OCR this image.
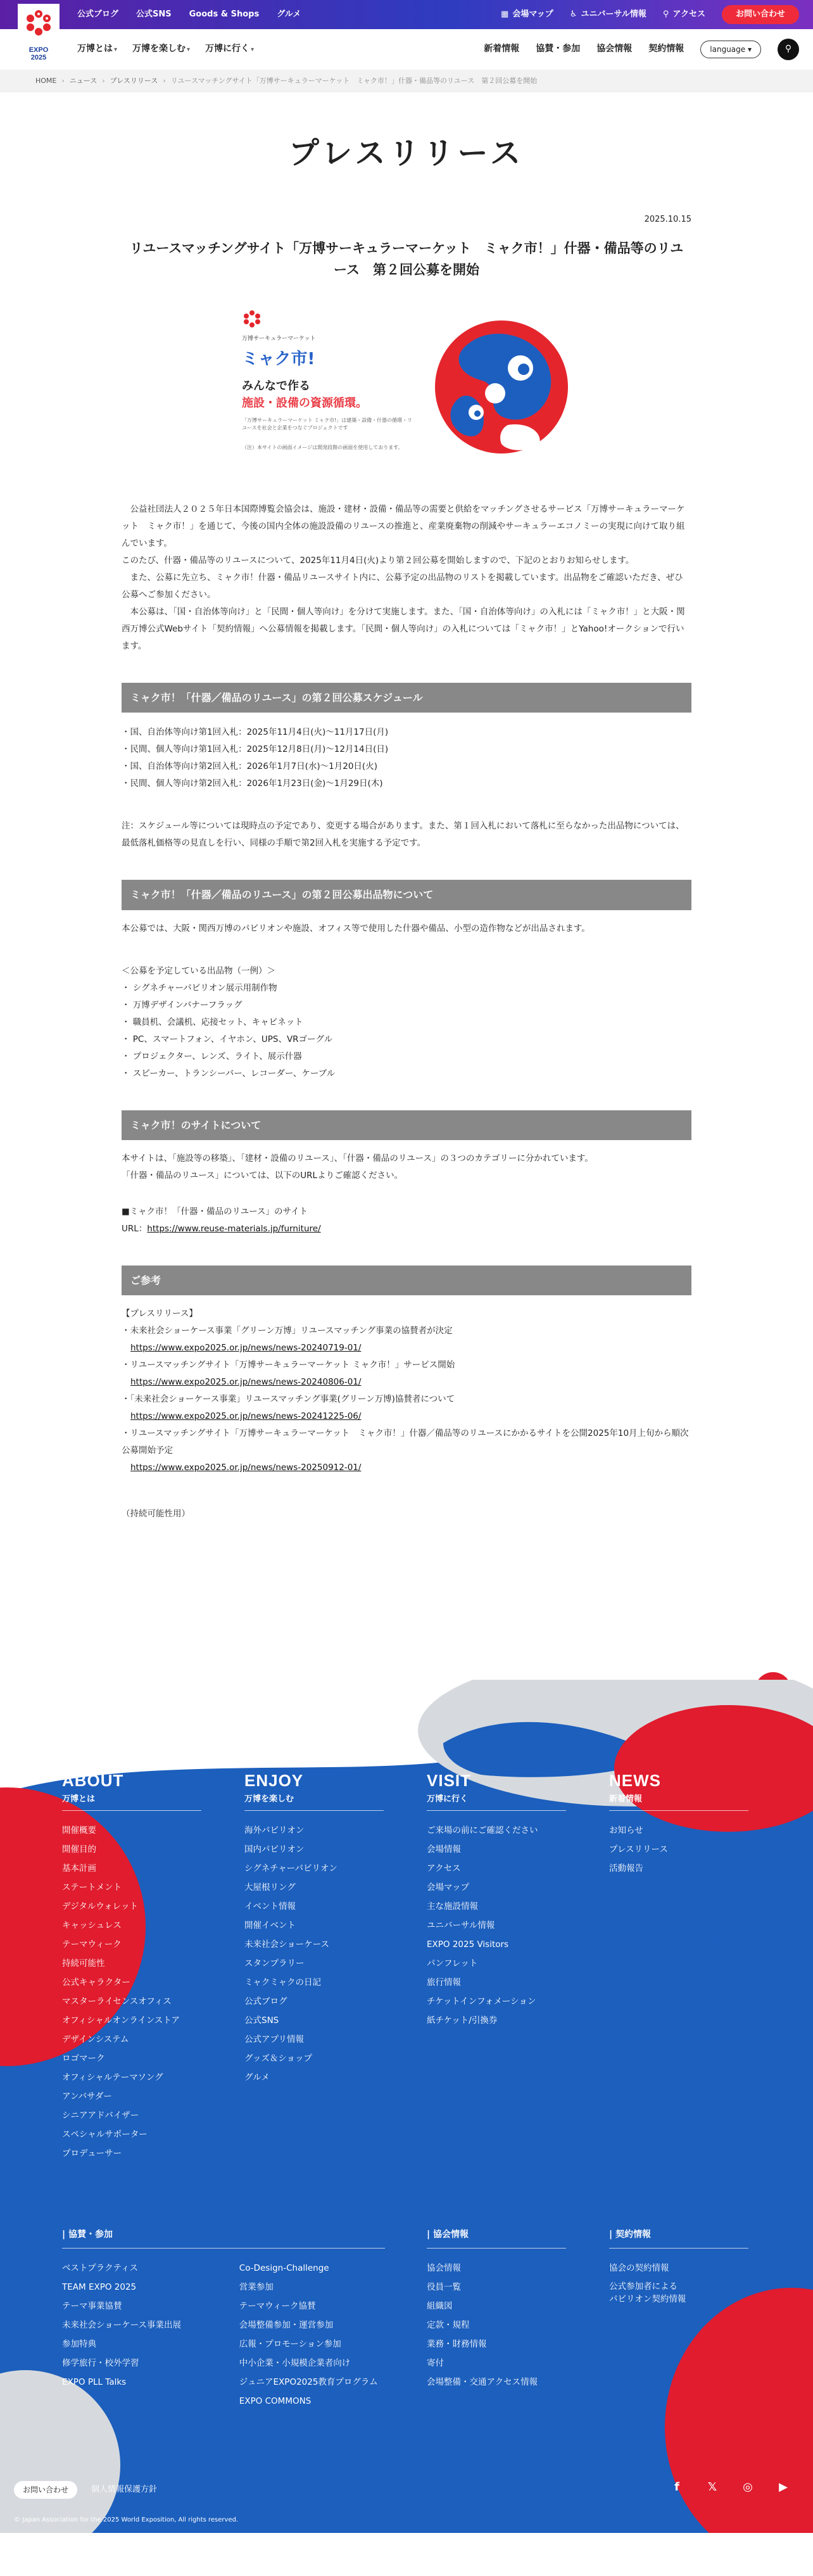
EXPO
2025
公式ブログ 公式SNS Goods & Shops グルメ	▦ 会場マップ ♿ ユニバーサル情報 ⚲ アクセス	お問い合わせ
万博とは ▾ 万博を楽しむ ▾ 万博に行く ▾	新着情報 協賛・参加 協会情報 契約情報	language ▾	⚲
HOME › ニュース › プレスリリース › リユースマッチングサイト「万博サーキュラーマーケット　ミャク市！」什器・備品等のリユース　第２回公募を開始
プレスリリース
2025.10.15
リユースマッチングサイト「万博サーキュラーマーケット　ミャク市！」什器・備品等のリユース　第２回公募を開始
万博サーキュラーマーケット
ミャク市!
みんなで作る
施設・設備の資源循環。
「万博サーキュラーマーケット ミャク市!」は建築・設備・什器の循環・リユースを社会と企業をつなぐプロジェクトです
（注）本サイトの画面イメージは開発段階の画面を使用しております。

公益社団法人２０２５年日本国際博覧会協会は、施設・建材・設備・備品等の需要と供給をマッチングさせるサービス「万博サーキュラーマーケット　ミャク市！」を通じて、今後の国内全体の施設設備のリユースの推進と、産業廃棄物の削減やサーキュラーエコノミーの実現に向けて取り組んでいます。

このたび、什器・備品等のリユースについて、2025年11月4日(火)より第２回公募を開始しますので、下記のとおりお知らせします。

また、公募に先立ち、ミャク市！什器・備品リユースサイト内に、公募予定の出品物のリストを掲載しています。出品物をご確認いただき、ぜひ公募へご参加ください。

本公募は、「国・自治体等向け」と「民間・個人等向け」を分けて実施します。また、「国・自治体等向け」の入札には「ミャク市！」と大阪・関西万博公式Webサイト「契約情報」へ公募情報を掲載します。「民間・個人等向け」の入札については「ミャク市！」とYahoo!オークションで行います。

ミャク市！「什器／備品のリユース」の第２回公募スケジュール
・国、自治体等向け第1回入札：2025年11月4日(火)〜11月17日(月)
・民間、個人等向け第1回入札：2025年12月8日(月)〜12月14日(日)
・国、自治体等向け第2回入札：2026年1月7日(水)〜1月20日(火)
・民間、個人等向け第2回入札：2026年1月23日(金)〜1月29日(木)
注：スケジュール等については現時点の予定であり、変更する場合があります。また、第１回入札において落札に至らなかった出品物については、最低落札価格等の見直しを行い、同様の手順で第2回入札を実施する予定です。
ミャク市！「什器／備品のリユース」の第２回公募出品物について
本公募では、大阪・関西万博のパビリオンや施設、オフィス等で使用した什器や備品、小型の造作物などが出品されます。
＜公募を予定している出品物（一例）＞
・ シグネチャーパビリオン展示用制作物
・ 万博デザインバナーフラッグ
・ 職員机、会議机、応接セット、キャビネット
・ PC、スマートフォン、イヤホン、UPS、VRゴーグル
・ プロジェクター、レンズ、ライト、展示什器
・ スピーカー、トランシーバー、レコーダー、ケーブル
ミャク市！のサイトについて
本サイトは、「施設等の移築」、「建材・設備のリユース」、「什器・備品のリユース」の３つのカテゴリーに分かれています。
「什器・備品のリユース」については、以下のURLよりご確認ください。
■ミャク市！「什器・備品のリユース」のサイト
URL：https://www.reuse-materials.jp/furniture/
ご参考
【プレスリリース】
・未来社会ショーケース事業「グリーン万博」リユースマッチング事業の協賛者が決定
https://www.expo2025.or.jp/news/news-20240719-01/
・リユースマッチングサイト「万博サーキュラーマーケット ミャク市！」サービス開始
https://www.expo2025.or.jp/news/news-20240806-01/
・「未来社会ショーケース事業」リユースマッチング事業(グリーン万博)協賛者について
https://www.expo2025.or.jp/news/news-20241225-06/
・リユースマッチングサイト「万博サーキュラーマーケット　ミャク市！」什器／備品等のリユースにかかるサイトを公開2025年10月上旬から順次公募開始予定
https://www.expo2025.or.jp/news/news-20250912-01/
（持続可能性用）
ABOUT
万博とは
開催概要
開催目的
基本計画
ステートメント
デジタルウォレット
キャッシュレス
テーマウィーク
持続可能性
公式キャラクター
マスターライセンスオフィス
オフィシャルオンラインストア
デザインシステム
ロゴマーク
オフィシャルテーマソング
アンバサダー
シニアアドバイザー
スペシャルサポーター
プロデューサー
ENJOY
万博を楽しむ
海外パビリオン
国内パビリオン
シグネチャーパビリオン
大屋根リング
イベント情報
開催イベント
未来社会ショーケース
スタンプラリー
ミャクミャクの日記
公式ブログ
公式SNS
公式アプリ情報
グッズ＆ショップ
グルメ
VISIT
万博に行く
ご来場の前にご確認ください
会場情報
アクセス
会場マップ
主な施設情報
ユニバーサル情報
EXPO 2025 Visitors
パンフレット
旅行情報
チケットインフォメーション
紙チケット/引換券
NEWS
新着情報
お知らせ
プレスリリース
活動報告
| 協賛・参加
ベストプラクティス
TEAM EXPO 2025
テーマ事業協賛
未来社会ショーケース事業出展
参加特典
修学旅行・校外学習
EXPO PLL Talks
Co-Design-Challenge
営業参加
テーマウィーク協賛
会場整備参加・運営参加
広報・プロモーション参加
中小企業・小規模企業者向け
ジュニアEXPO2025教育プログラム
EXPO COMMONS
| 協会情報
協会情報
役員一覧
組織図
定款・規程
業務・財務情報
寄付
会場整備・交通アクセス情報
| 契約情報
協会の契約情報
公式参加者による
パビリオン契約情報
お問い合わせ	個人情報保護方針	f	𝕏	◎	▶
© Japan Association for the 2025 World Exposition, All rights reserved.
